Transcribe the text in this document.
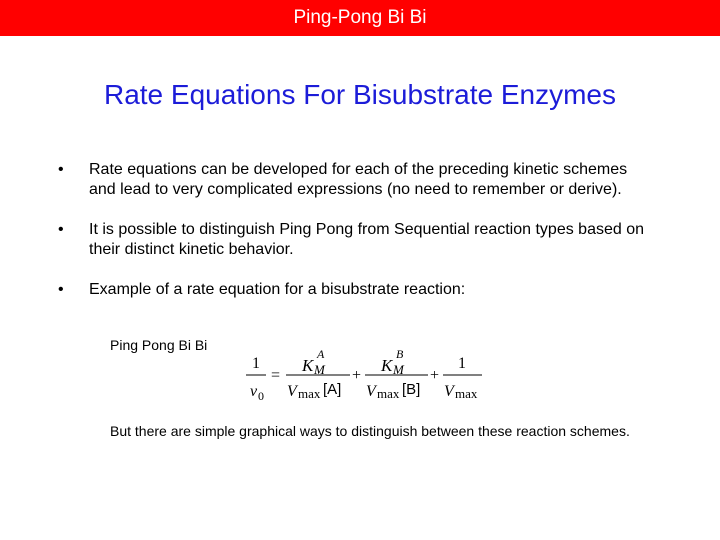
Ping-Pong Bi Bi
Rate Equations For Bisubstrate Enzymes
• Rate equations can be developed for each of the preceding kinetic schemes and lead to very complicated expressions (no need to remember or derive).
• It is possible to distinguish Ping Pong from Sequential reaction types based on their distinct kinetic behavior.
• Example of a rate equation for a bisubstrate reaction:
Ping Pong Bi Bi
1
v 0
=
K
A
M
V max [A]
+
K
B
M
V max [B]
+
1
V max
But there are simple graphical ways to distinguish between these reaction schemes.
